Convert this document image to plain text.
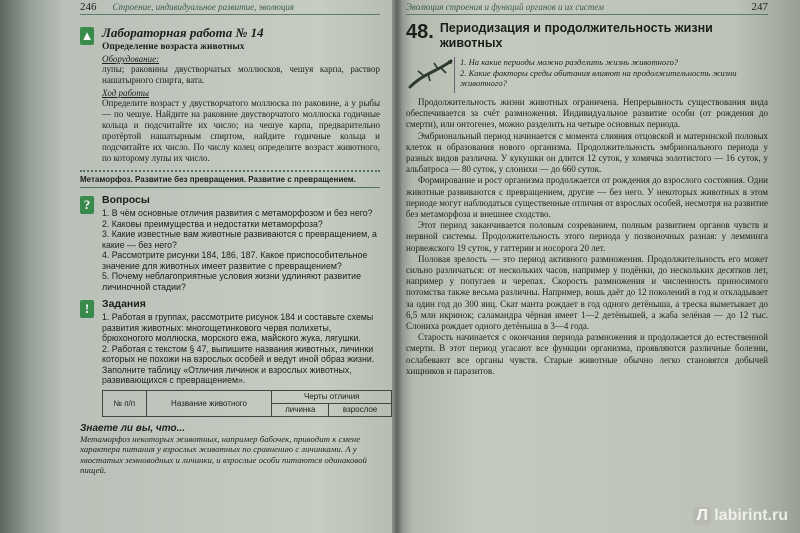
246 Строение, индивидуальное развитие, эволюция
▲ Лабораторная работа № 14
Определение возраста животных
Оборудование:
лупы; раковины двустворчатых моллюсков, чешуя карпа, раствор нашатырного спирта, вата.
Ход работы
Определите возраст у двустворчатого моллюска по раковине, а у рыбы — по чешуе. Найдите на раковине двустворчатого моллюска годичные кольца и подсчитайте их число; на чешуе карпа, предварительно протёртой нашатырным спиртом, найдите годичные кольца и подсчитайте их число. По числу колец определите возраст животного, по которому лупы их число.
Метаморфоз. Развитие без превращения. Развитие с превращением.
?	Вопросы
1. В чём основные отличия развития с метаморфозом и без него?
2. Каковы преимущества и недостатки метаморфоза?
3. Какие известные вам животные развиваются с превращением, а какие — без него?
4. Рассмотрите рисунки 184, 186, 187. Какое приспособительное значение для животных имеет развитие с превращением?
5. Почему неблагоприятные условия жизни удлиняют развитие личиночной стадии?
!	Задания
1. Работая в группах, рассмотрите рисунок 184 и составьте схемы развития животных: многощетинкового червя полихеты, брюхоногого моллюска, морского ежа, майского жука, лягушки.
2. Работая с текстом § 47, выпишите названия животных, личинки которых не похожи на взрослых особей и ведут иной образ жизни. Заполните таблицу «Отличия личинок и взрослых животных, развивающихся с превращением».
№ п/п	Название животного	Черты отличия	
		личинка	взрослое
Знаете ли вы, что...
Метаморфоз некоторых животных, например бабочек, приводит к смене характера питания у взрослых животных по сравнению с личинками. А у хвостатых земноводных и личинки, и взрослые особи питаются одинаковой пищей.
247
Эволюция строения и функций органов и их систем
48. Периодизация и продолжительность жизни животных
1. На какие периоды можно разделить жизнь животного?
2. Какие факторы среды обитания влияют на продолжительность жизни животного?

Продолжительность жизни животных ограничена. Непрерывность существования вида обеспечивается за счёт размножения. Индивидуальное развитие особи (от рождения до смерти), или онтогенез, можно разделить на четыре основных периода.

Эмбриональный период начинается с момента слияния отцовской и материнской половых клеток и образования нового организма. Продолжительность эмбрионального периода у разных видов различна. У кукушки он длится 12 суток, у хомячка золотистого — 16 суток, у альбатроса — 80 суток, у слонихи — до 660 суток.

Формирование и рост организма продолжается от рождения до взрослого состояния. Одни животные развиваются с превращением, другие — без него. У некоторых животных в этом периоде могут наблюдаться существенные отличия от взрослых особей, несмотря на развитие без метаморфоза и внешнее сходство.

Этот период заканчивается половым созреванием, полным развитием органов чувств и нервной системы. Продолжительность этого периода у позвоночных разная: у лемминга норвежского 19 суток, у гаттерии и носорога 20 лет.

Половая зрелость — это период активного размножения. Продолжительность его может сильно различаться: от нескольких часов, например у подёнки, до нескольких десятков лет, например у попугаев и черепах. Скорость размножения и численность приносимого потомства также весьма различны. Например, вошь даёт до 12 поколений в год и откладывает за один год до 300 яиц. Скат манта рождает в год одного детёныша, а треска выметывает до 6,5 млн икринок; саламандра чёрная имеет 1—2 детёнышей, а жаба зелёная — до 12 тыс. Слониха рождает одного детёныша в 3—4 года.

Старость начинается с окончания периода размножения и продолжается до естественной смерти. В этот период угасают все функции организма, проявляются различные болезни, ослабевают все органы чувств. Старые животные обычно легко становятся добычей хищников и паразитов.

Л labirint.ru
